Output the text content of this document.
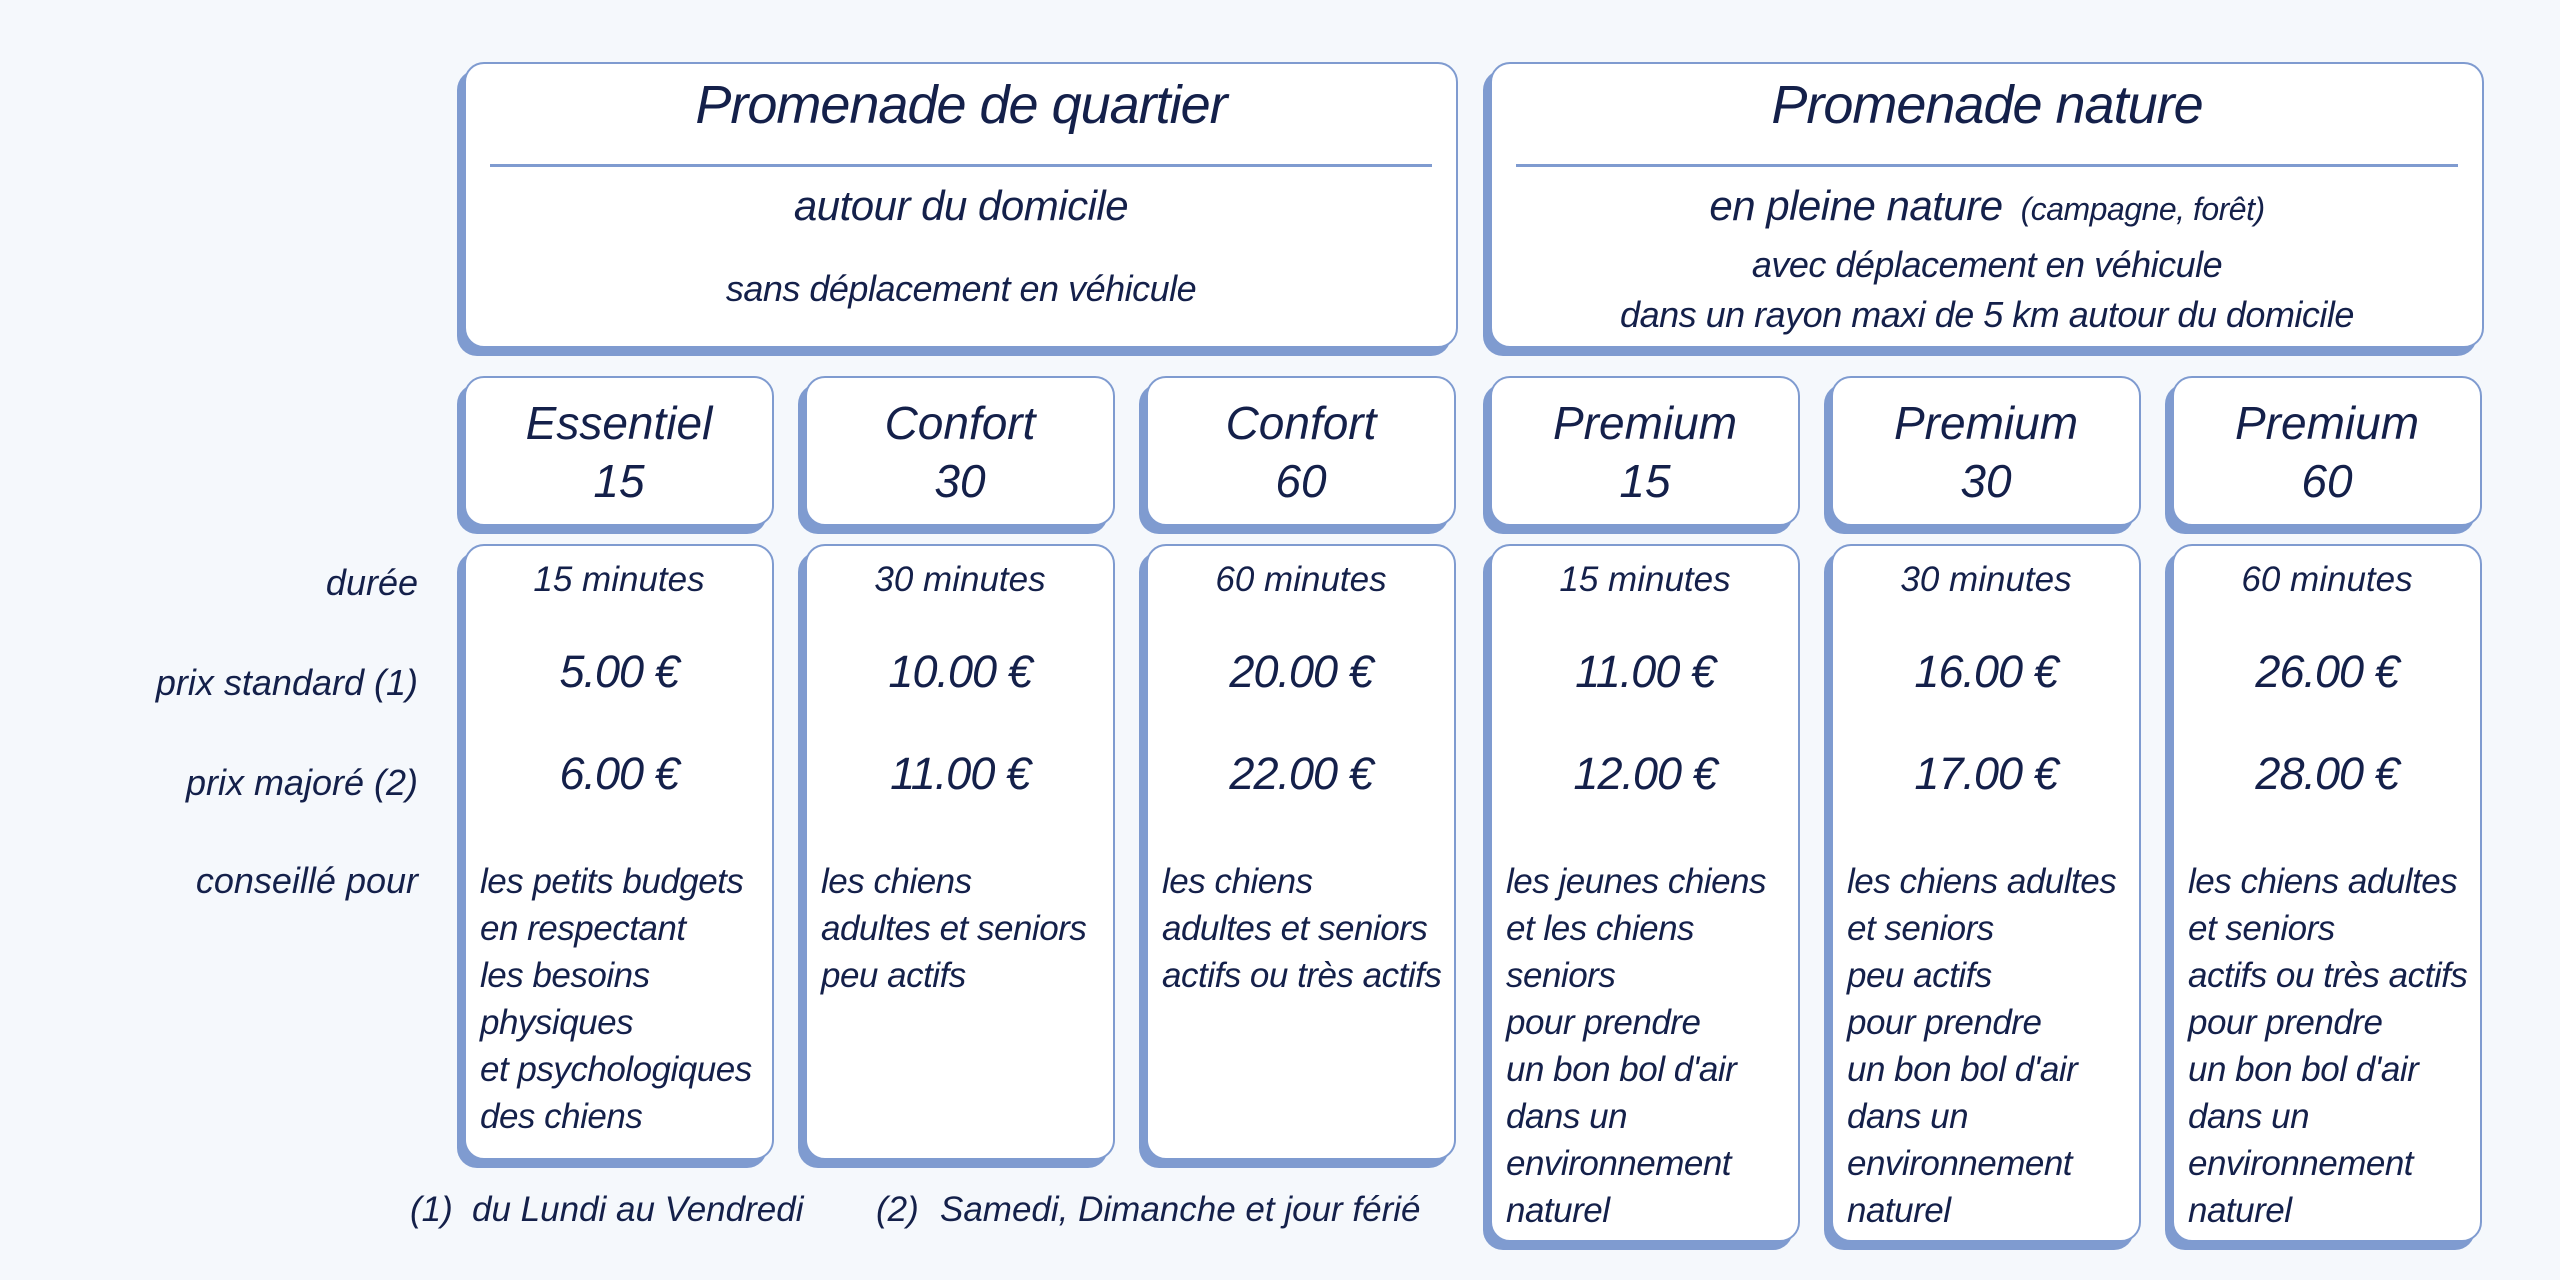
Promenade de quartier
autour du domicile
sans déplacement en véhicule
Promenade nature
en pleine nature (campagne, forêt)
avec déplacement en véhicule
dans un rayon maxi de 5 km autour du domicile
durée
prix standard (1)
prix majoré (2)
conseillé pour
Essentiel
15
15 minutes
5.00 €
6.00 €
les petits budgets
en respectant
les besoins
physiques
et psychologiques
des chiens
Confort
30
30 minutes
10.00 €
11.00 €
les chiens
adultes et seniors
peu actifs
Confort
60
60 minutes
20.00 €
22.00 €
les chiens
adultes et seniors
actifs ou très actifs
Premium
15
15 minutes
11.00 €
12.00 €
les jeunes chiens
et les chiens
seniors
pour prendre
un bon bol d'air
dans un
environnement
naturel
Premium
30
30 minutes
16.00 €
17.00 €
les chiens adultes
et seniors
peu actifs
pour prendre
un bon bol d'air
dans un
environnement
naturel
Premium
60
60 minutes
26.00 €
28.00 €
les chiens adultes
et seniors
actifs ou très actifs
pour prendre
un bon bol d'air
dans un
environnement
naturel
(1) du Lundi au Vendredi (2) Samedi, Dimanche et jour férié
